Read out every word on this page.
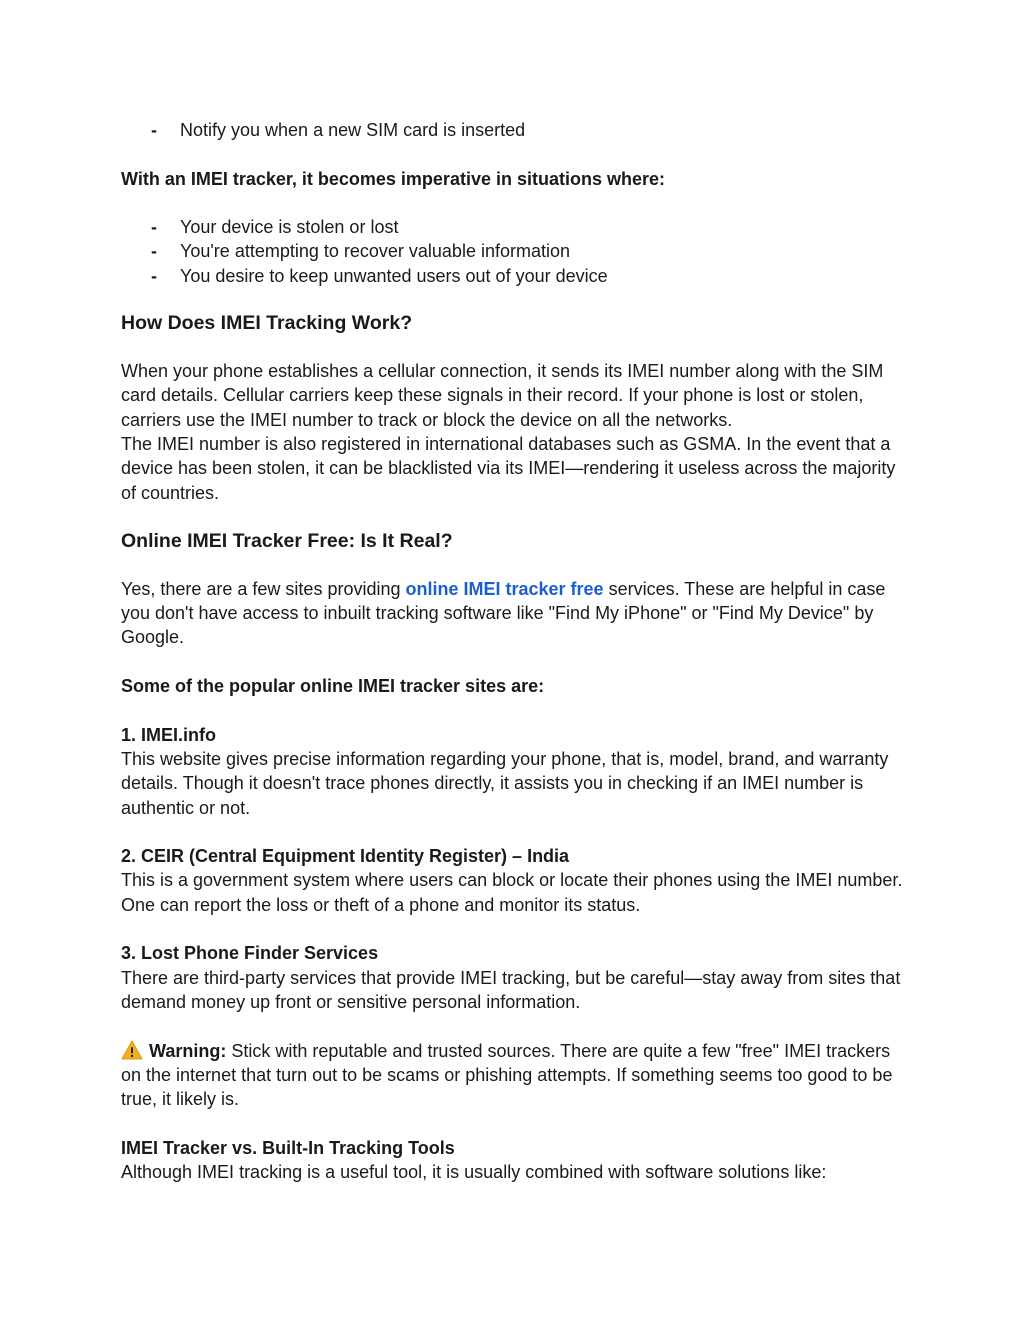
- Notify you when a new SIM card is inserted

With an IMEI tracker, it becomes imperative in situations where:

- Your device is stolen or lost
- You're attempting to recover valuable information
- You desire to keep unwanted users out of your device
How Does IMEI Tracking Work?

When your phone establishes a cellular connection, it sends its IMEI number along with the SIM card details. Cellular carriers keep these signals in their record. If your phone is lost or stolen, carriers use the IMEI number to track or block the device on all the networks.

The IMEI number is also registered in international databases such as GSMA. In the event that a device has been stolen, it can be blacklisted via its IMEI—rendering it useless across the majority of countries.

Online IMEI Tracker Free: Is It Real?

Yes, there are a few sites providing online IMEI tracker free services. These are helpful in case you don't have access to inbuilt tracking software like "Find My iPhone" or "Find My Device" by Google.

Some of the popular online IMEI tracker sites are:

1. IMEI.info

This website gives precise information regarding your phone, that is, model, brand, and warranty details. Though it doesn't trace phones directly, it assists you in checking if an IMEI number is authentic or not.

2. CEIR (Central Equipment Identity Register) – India

This is a government system where users can block or locate their phones using the IMEI number. One can report the loss or theft of a phone and monitor its status.

3. Lost Phone Finder Services

There are third-party services that provide IMEI tracking, but be careful—stay away from sites that demand money up front or sensitive personal information.

Warning: Stick with reputable and trusted sources. There are quite a few "free" IMEI trackers on the internet that turn out to be scams or phishing attempts. If something seems too good to be true, it likely is.

IMEI Tracker vs. Built-In Tracking Tools

Although IMEI tracking is a useful tool, it is usually combined with software solutions like:
